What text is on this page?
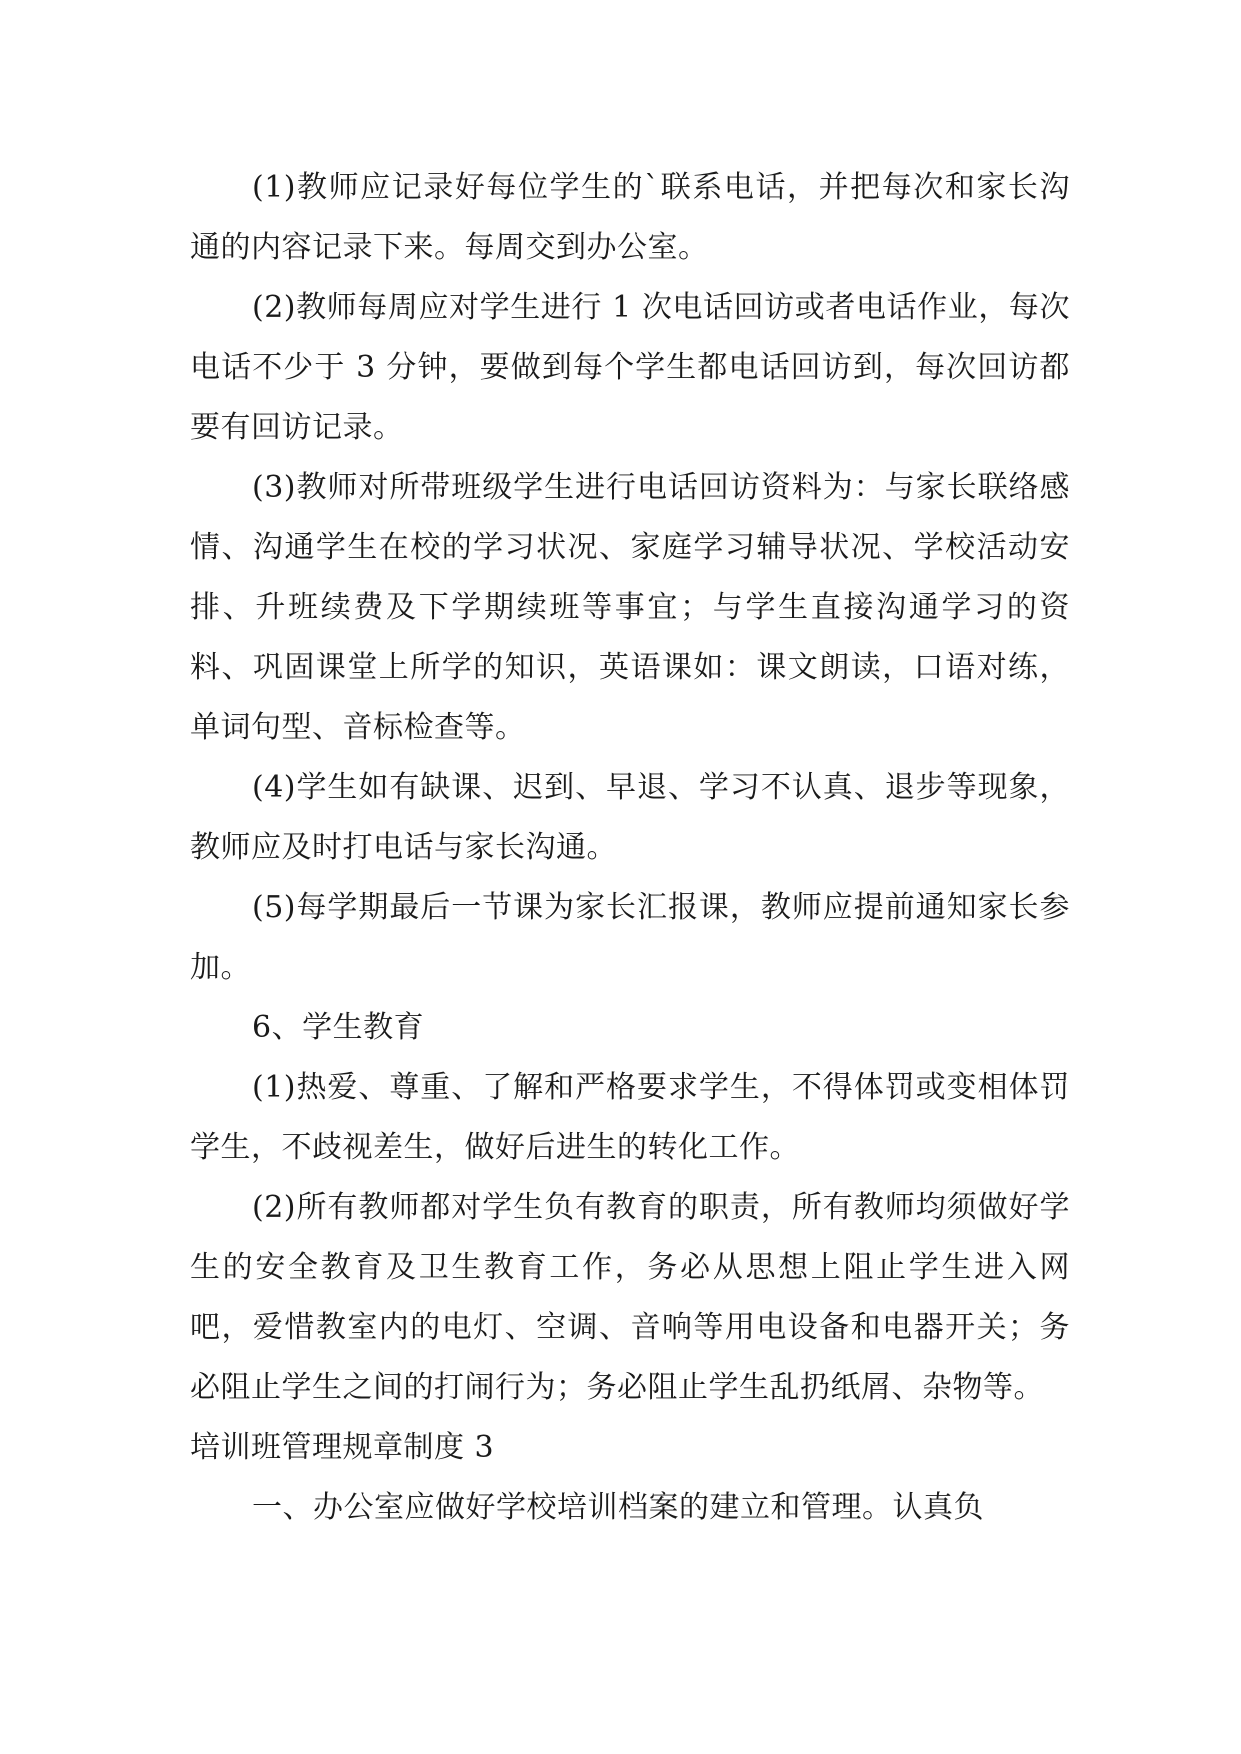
(1)教师应记录好每位学生的`联系电话，并把每次和家长沟通的内容记录下来。每周交到办公室。

(2)教师每周应对学生进行 1 次电话回访或者电话作业，每次电话不少于 3 分钟，要做到每个学生都电话回访到，每次回访都要有回访记录。

(3)教师对所带班级学生进行电话回访资料为：与家长联络感情、沟通学生在校的学习状况、家庭学习辅导状况、学校活动安排、升班续费及下学期续班等事宜；与学生直接沟通学习的资料、巩固课堂上所学的知识，英语课如：课文朗读，口语对练，单词句型、音标检查等。

(4)学生如有缺课、迟到、早退、学习不认真、退步等现象，教师应及时打电话与家长沟通。

(5)每学期最后一节课为家长汇报课，教师应提前通知家长参加。

6、学生教育

(1)热爱、尊重、了解和严格要求学生，不得体罚或变相体罚学生，不歧视差生，做好后进生的转化工作。

(2)所有教师都对学生负有教育的职责，所有教师均须做好学生的安全教育及卫生教育工作，务必从思想上阻止学生进入网吧，爱惜教室内的电灯、空调、音响等用电设备和电器开关；务必阻止学生之间的打闹行为；务必阻止学生乱扔纸屑、杂物等。

培训班管理规章制度 3

一、办公室应做好学校培训档案的建立和管理。认真负
